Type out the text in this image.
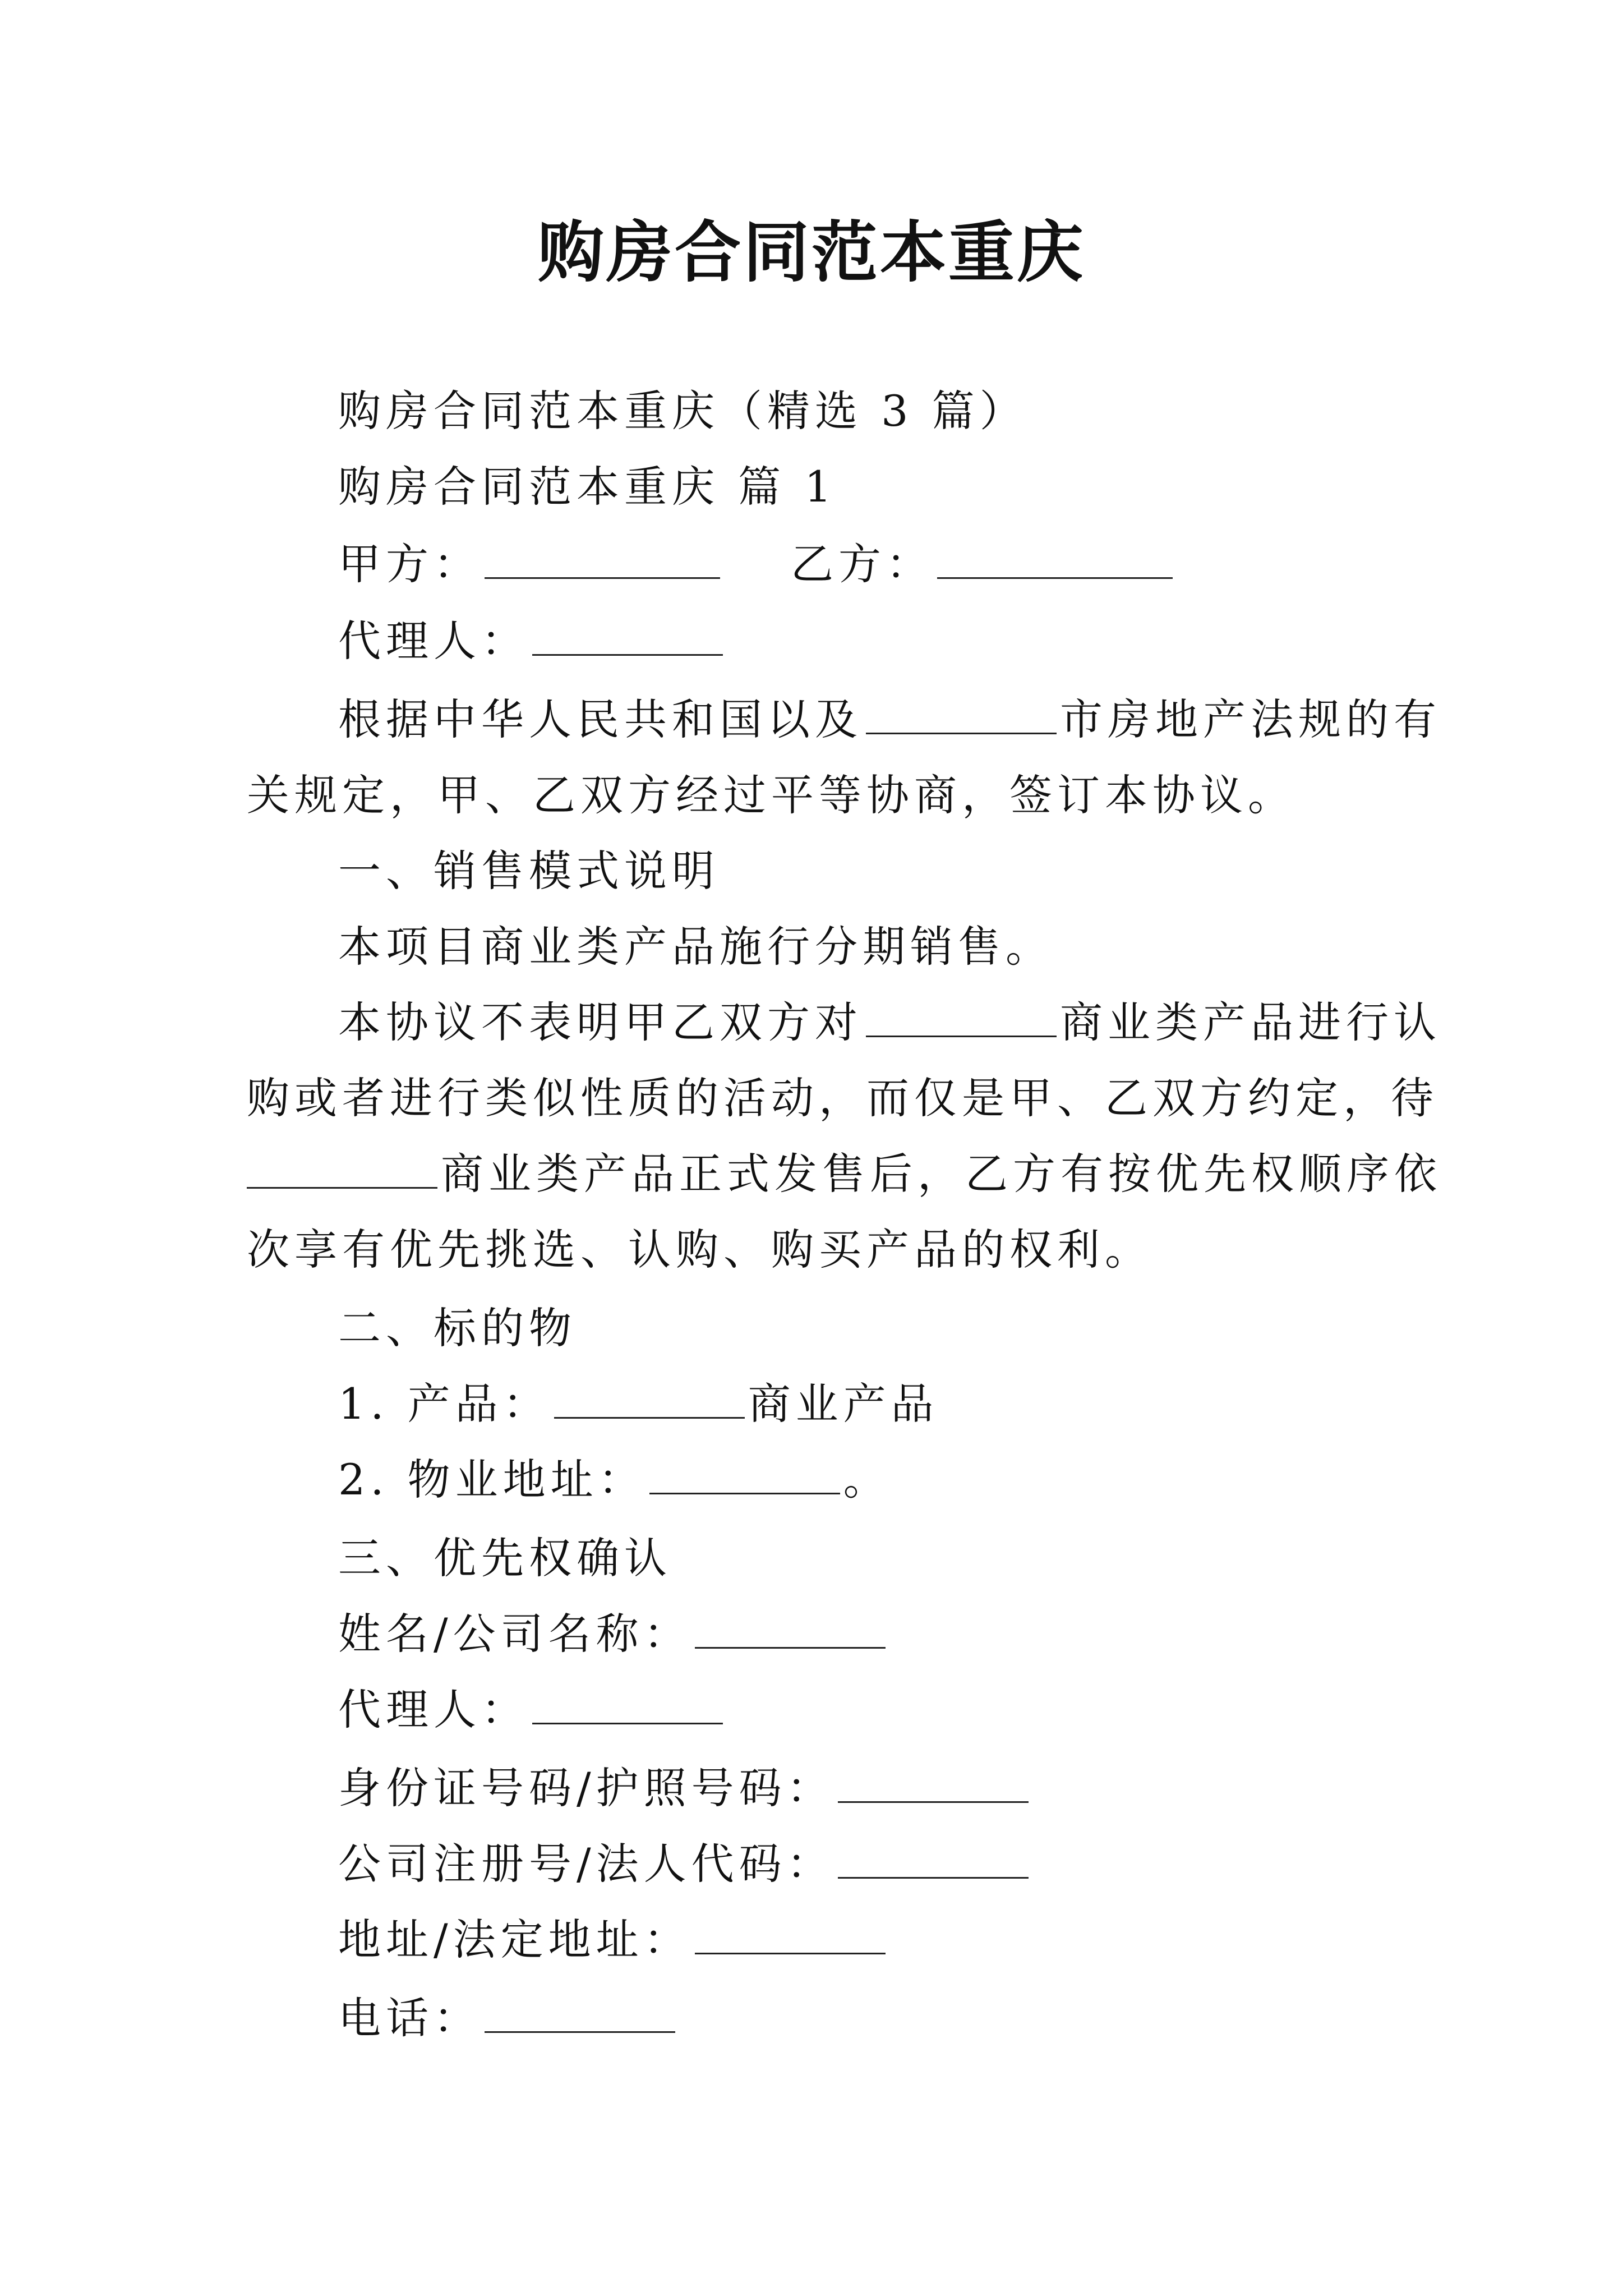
购房合同范本重庆
购房合同范本重庆（精选 3 篇）
购房合同范本重庆 篇 1
甲方：	乙方：
代理人：
根据中华人民共和国以及	市房地产法规的有
关规定，甲、乙双方经过平等协商，签订本协议。
一、销售模式说明
本项目商业类产品施行分期销售。
本协议不表明甲乙双方对	商业类产品进行认
购或者进行类似性质的活动，而仅是甲、乙双方约定，待
商业类产品正式发售后，乙方有按优先权顺序依
次享有优先挑选、认购、购买产品的权利。
二、标的物
1. 产品：	商业产品
2. 物业地址：	。
三、优先权确认
姓名/公司名称：
代理人：
身份证号码/护照号码：
公司注册号/法人代码：
地址/法定地址：
电话：
